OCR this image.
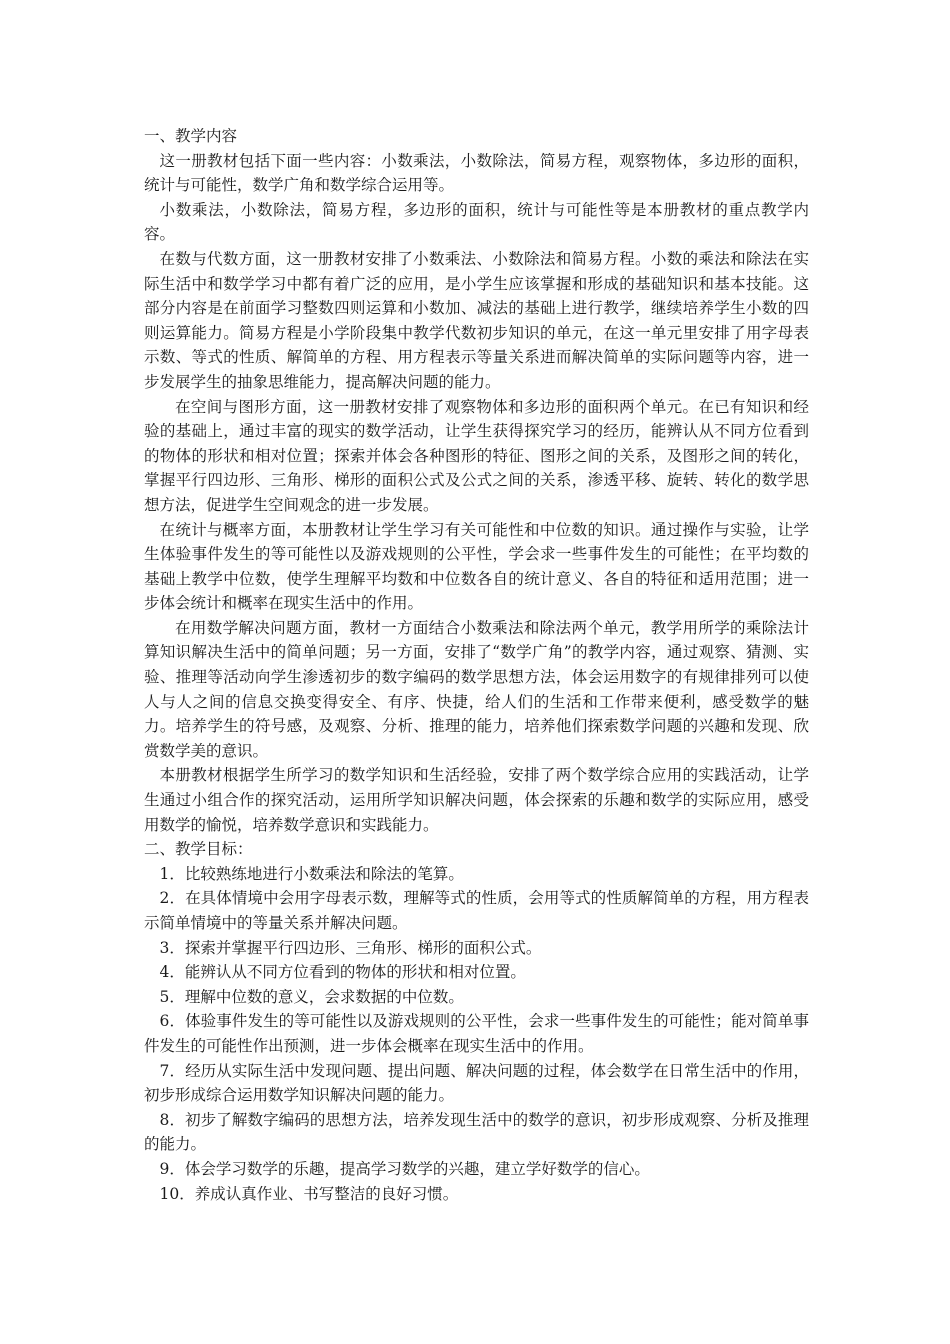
一、教学内容

这一册教材包括下面一些内容：小数乘法，小数除法，简易方程，观察物体，多边形的面积，统计与可能性，数学广角和数学综合运用等。

小数乘法，小数除法，简易方程，多边形的面积，统计与可能性等是本册教材的重点教学内容。

在数与代数方面，这一册教材安排了小数乘法、小数除法和简易方程。小数的乘法和除法在实际生活中和数学学习中都有着广泛的应用，是小学生应该掌握和形成的基础知识和基本技能。这部分内容是在前面学习整数四则运算和小数加、减法的基础上进行教学，继续培养学生小数的四则运算能力。简易方程是小学阶段集中教学代数初步知识的单元，在这一单元里安排了用字母表示数、等式的性质、解简单的方程、用方程表示等量关系进而解决简单的实际问题等内容，进一步发展学生的抽象思维能力，提高解决问题的能力。

在空间与图形方面，这一册教材安排了观察物体和多边形的面积两个单元。在已有知识和经验的基础上，通过丰富的现实的数学活动，让学生获得探究学习的经历，能辨认从不同方位看到的物体的形状和相对位置；探索并体会各种图形的特征、图形之间的关系，及图形之间的转化，掌握平行四边形、三角形、梯形的面积公式及公式之间的关系，渗透平移、旋转、转化的数学思想方法，促进学生空间观念的进一步发展。

在统计与概率方面，本册教材让学生学习有关可能性和中位数的知识。通过操作与实验，让学生体验事件发生的等可能性以及游戏规则的公平性，学会求一些事件发生的可能性；在平均数的基础上教学中位数，使学生理解平均数和中位数各自的统计意义、各自的特征和适用范围；进一步体会统计和概率在现实生活中的作用。

在用数学解决问题方面，教材一方面结合小数乘法和除法两个单元，教学用所学的乘除法计算知识解决生活中的简单问题；另一方面，安排了“数学广角”的教学内容，通过观察、猜测、实验、推理等活动向学生渗透初步的数字编码的数学思想方法，体会运用数字的有规律排列可以使人与人之间的信息交换变得安全、有序、快捷，给人们的生活和工作带来便利，感受数学的魅力。培养学生的符号感，及观察、分析、推理的能力，培养他们探索数学问题的兴趣和发现、欣赏数学美的意识。

本册教材根据学生所学习的数学知识和生活经验，安排了两个数学综合应用的实践活动，让学生通过小组合作的探究活动，运用所学知识解决问题，体会探索的乐趣和数学的实际应用，感受用数学的愉悦，培养数学意识和实践能力。

二、教学目标：

1．比较熟练地进行小数乘法和除法的笔算。

2．在具体情境中会用字母表示数，理解等式的性质，会用等式的性质解简单的方程，用方程表示简单情境中的等量关系并解决问题。

3．探索并掌握平行四边形、三角形、梯形的面积公式。

4．能辨认从不同方位看到的物体的形状和相对位置。

5．理解中位数的意义，会求数据的中位数。

6．体验事件发生的等可能性以及游戏规则的公平性，会求一些事件发生的可能性；能对简单事件发生的可能性作出预测，进一步体会概率在现实生活中的作用。

7．经历从实际生活中发现问题、提出问题、解决问题的过程，体会数学在日常生活中的作用，初步形成综合运用数学知识解决问题的能力。

8．初步了解数字编码的思想方法，培养发现生活中的数学的意识，初步形成观察、分析及推理的能力。

9．体会学习数学的乐趣，提高学习数学的兴趣，建立学好数学的信心。

10．养成认真作业、书写整洁的良好习惯。
